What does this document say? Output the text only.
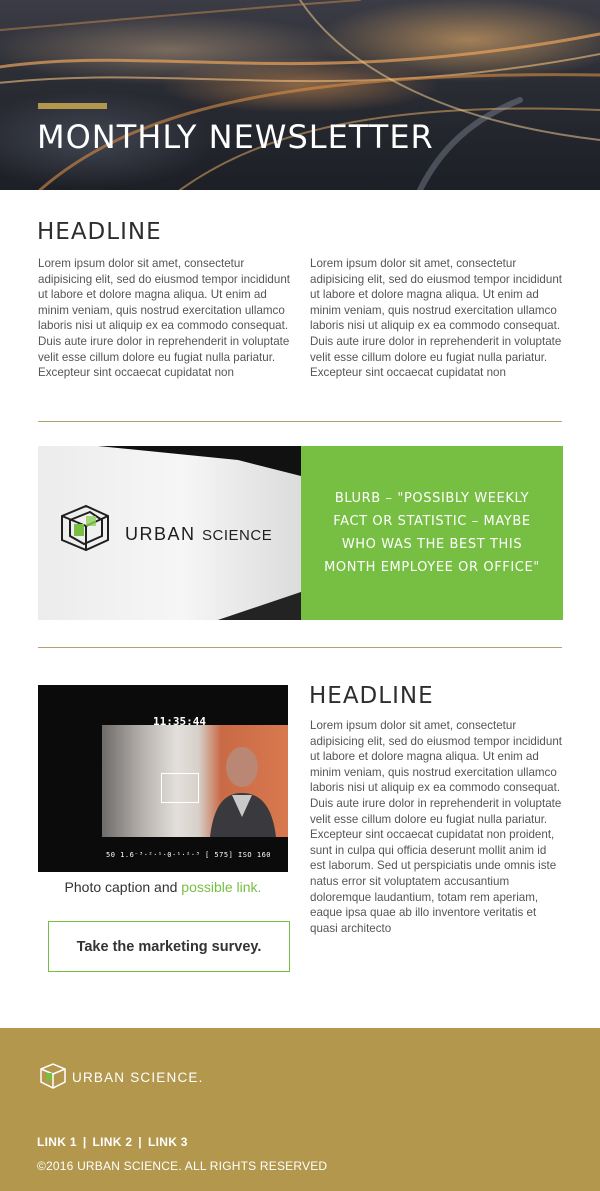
MONTHLY NEWSLETTER
HEADLINE

Lorem ipsum dolor sit amet, consectetur adipisicing elit, sed do eiusmod tempor incididunt ut labore et dolore magna aliqua. Ut enim ad minim veniam, quis nostrud exercitation ullamco laboris nisi ut aliquip ex ea commodo consequat. Duis aute irure dolor in reprehenderit in voluptate velit esse cillum dolore eu fugiat nulla pariatur. Excepteur sint occaecat cupidatat non

Lorem ipsum dolor sit amet, consectetur adipisicing elit, sed do eiusmod tempor incididunt ut labore et dolore magna aliqua. Ut enim ad minim veniam, quis nostrud exercitation ullamco laboris nisi ut aliquip ex ea commodo consequat. Duis aute irure dolor in reprehenderit in voluptate velit esse cillum dolore eu fugiat nulla pariatur. Excepteur sint occaecat cupidatat non

URBAN SCIENCE

BLURB – "POSSIBLY WEEKLY FACT OR STATISTIC – MAYBE WHO WAS THE BEST THIS MONTH EMPLOYEE OR OFFICE"

11:35:44
50 1.6⁻³·²·¹·0·¹·²·³ [ 575] ISO 160
Photo caption and possible link.
Take the marketing survey.
HEADLINE

Lorem ipsum dolor sit amet, consectetur adipisicing elit, sed do eiusmod tempor incididunt ut labore et dolore magna aliqua. Ut enim ad minim veniam, quis nostrud exercitation ullamco laboris nisi ut aliquip ex ea commodo consequat. Duis aute irure dolor in reprehenderit in voluptate velit esse cillum dolore eu fugiat nulla pariatur. Excepteur sint occaecat cupidatat non proident, sunt in culpa qui officia deserunt mollit anim id est laborum. Sed ut perspiciatis unde omnis iste natus error sit voluptatem accusantium doloremque laudantium, totam rem aperiam, eaque ipsa quae ab illo inventore veritatis et quasi architecto

URBAN SCIENCE.
LINK 1 | LINK 2 | LINK 3
©2016 URBAN SCIENCE. ALL RIGHTS RESERVED
